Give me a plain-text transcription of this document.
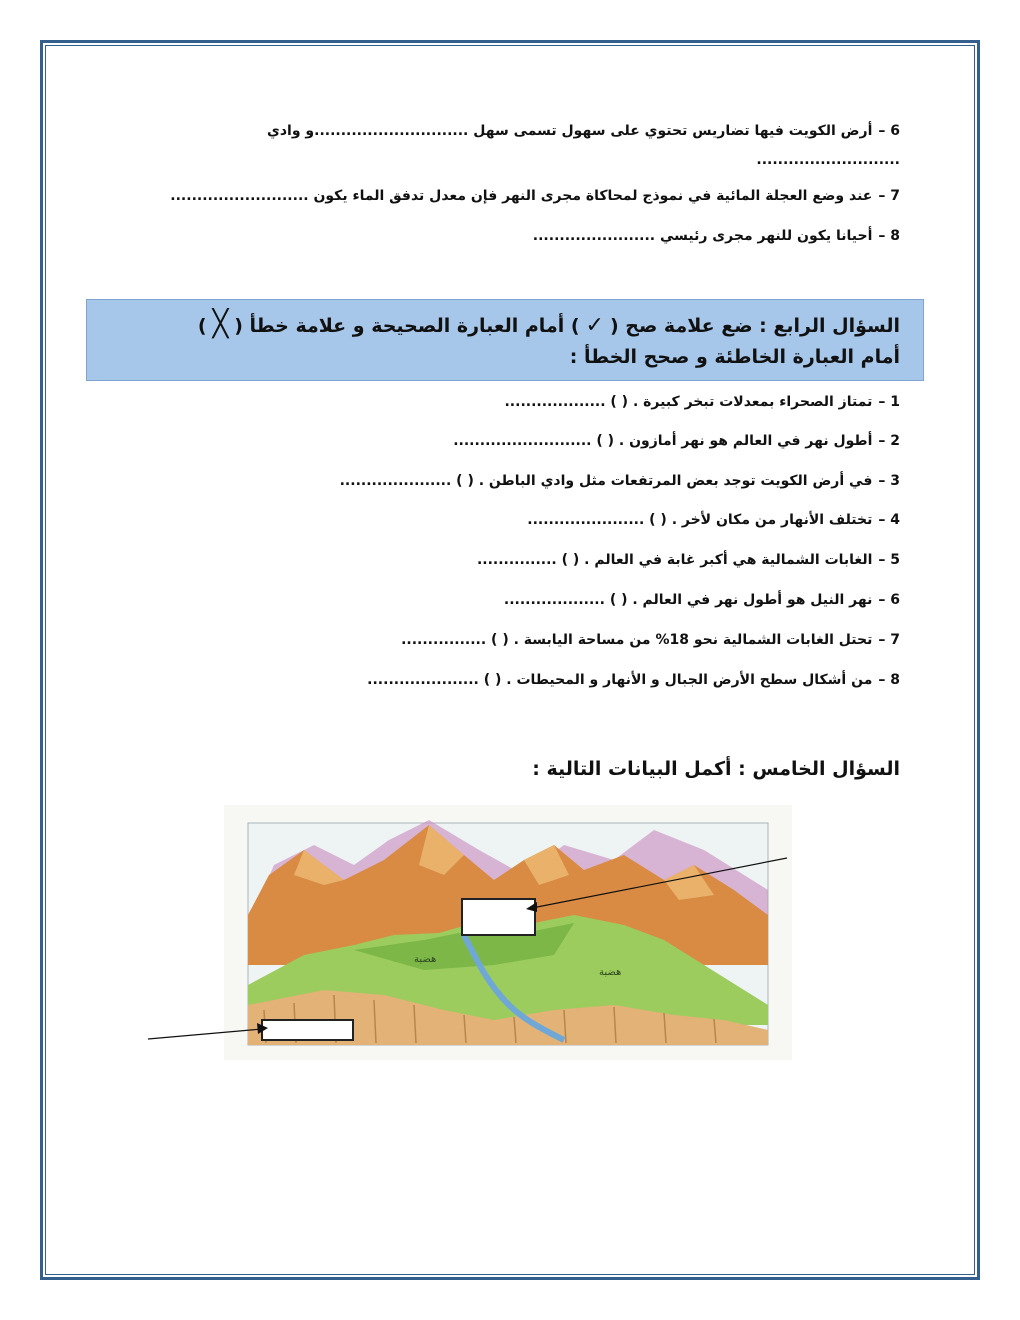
6 –أرض الكويت فيها تضاريس تحتوي على سهول تسمى سهل .............................و وادي
...........................
7 –عند وضع العجلة المائية في نموذج لمحاكاة مجرى النهر فإن معدل تدفق الماء يكون ..........................
8 –أحيانا يكون للنهر مجرى رئيسي .......................
السؤال الرابع : ضع علامة صح (✓) أمام العبارة الصحيحة و علامة خطأ (╳)
أمام العبارة الخاطئة و صحح الخطأ :
1 –تمتاز الصحراء بمعدلات تبخر كبيرة . ( ) ...................
2 –أطول نهر في العالم هو نهر أمازون . ( ) ..........................
3 –في أرض الكويت توجد بعض المرتفعات مثل وادي الباطن . ( ) .....................
4 –تختلف الأنهار من مكان لأخر . ( ) ......................
5 –الغابات الشمالية هي أكبر غابة في العالم . ( ) ...............
6 –نهر النيل هو أطول نهر في العالم . ( ) ...................
7 –تحتل الغابات الشمالية نحو 18% من مساحة اليابسة . ( ) ................
8 –من أشكال سطح الأرض الجبال و الأنهار و المحيطات . ( ) .....................
السؤال الخامس : أكمل البيانات التالية :
هضبة
هضبة
